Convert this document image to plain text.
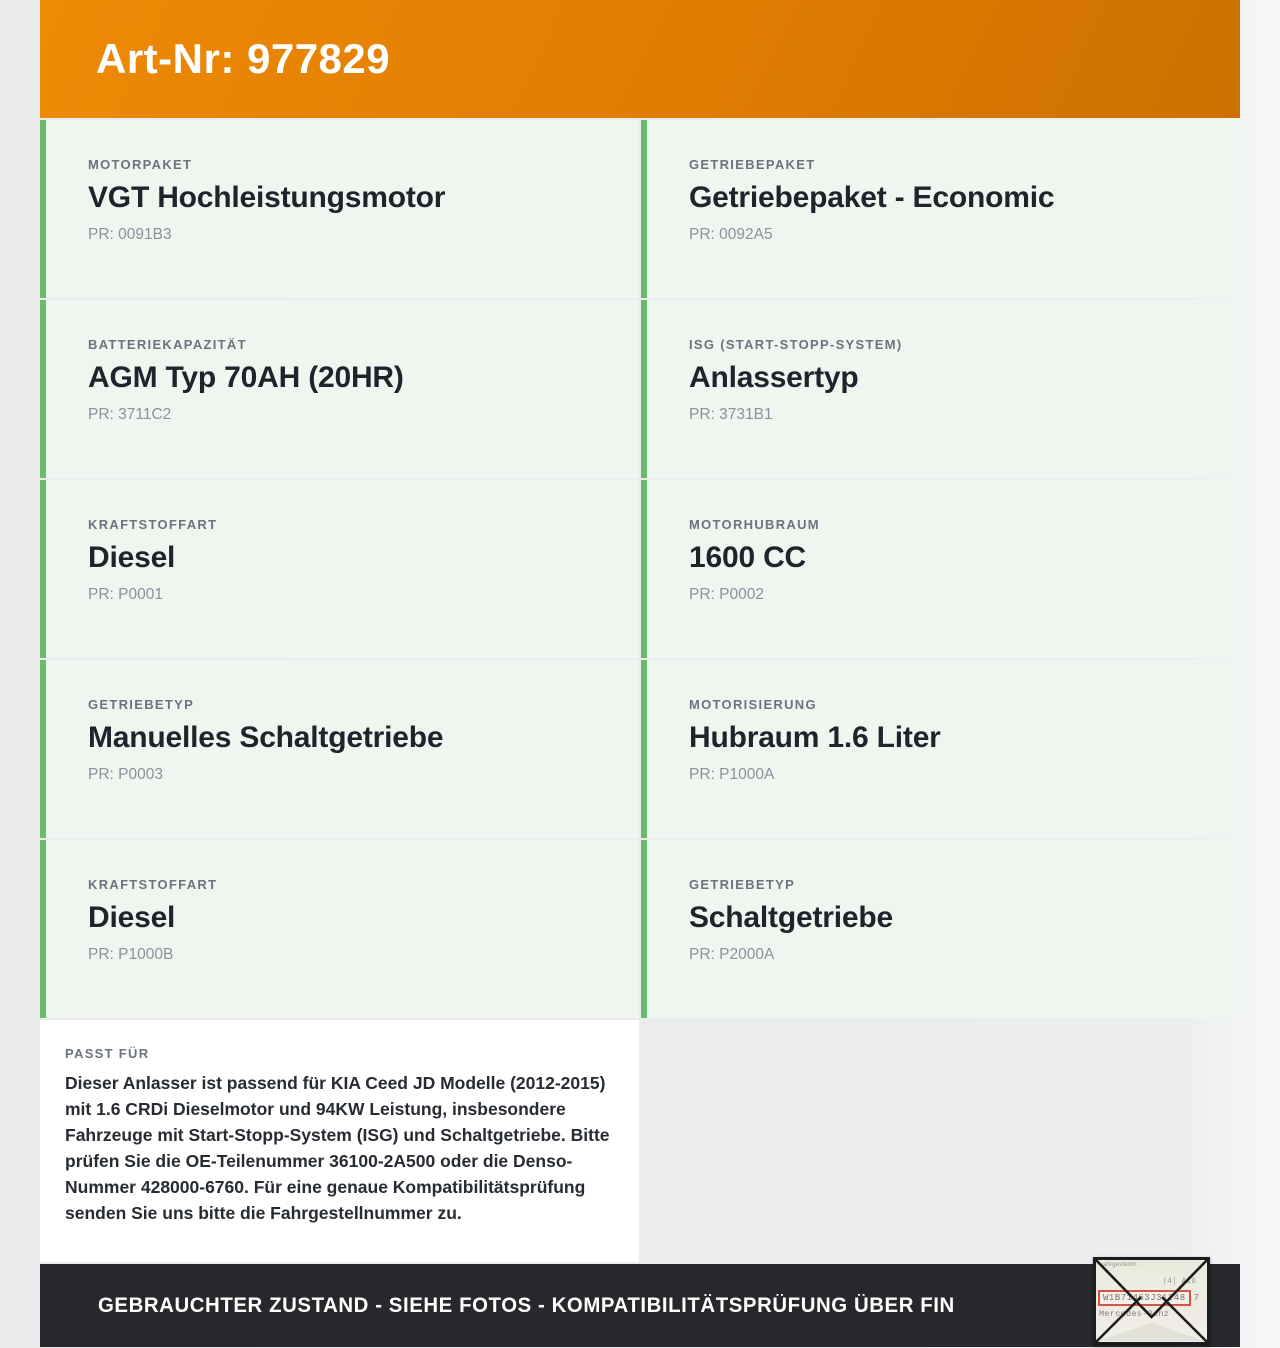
Art-Nr: 977829
MOTORPAKET
VGT Hochleistungsmotor
PR: 0091B3
GETRIEBEPAKET
Getriebepaket - Economic
PR: 0092A5
BATTERIEKAPAZITÄT
AGM Typ 70AH (20HR)
PR: 3711C2
ISG (START-STOPP-SYSTEM)
Anlassertyp
PR: 3731B1
KRAFTSTOFFART
Diesel
PR: P0001
MOTORHUBRAUM
1600 CC
PR: P0002
GETRIEBETYP
Manuelles Schaltgetriebe
PR: P0003
MOTORISIERUNG
Hubraum 1.6 Liter
PR: P1000A
KRAFTSTOFFART
Diesel
PR: P1000B
GETRIEBETYP
Schaltgetriebe
PR: P2000A
PASST FÜR

Dieser Anlasser ist passend für KIA Ceed JD Modelle (2012-2015) mit 1.6 CRDi Dieselmotor und 94KW Leistung, insbesondere Fahrzeuge mit Start-Stopp-System (ISG) und Schaltgetriebe. Bitte prüfen Sie die OE-Teilenummer 36100-2A500 oder die Denso-Nummer 428000-6760. Für eine genaue Kompatibilitätsprüfung senden Sie uns bitte die Fahrgestellnummer zu.

GEBRAUCHTER ZUSTAND - SIEHE FOTOS - KOMPATIBILITÄTSPRÜFUNG ÜBER FIN
Fahrgestellnr.
|4| Ai6
W1B71463J31248 7
Mercedes-Benz
